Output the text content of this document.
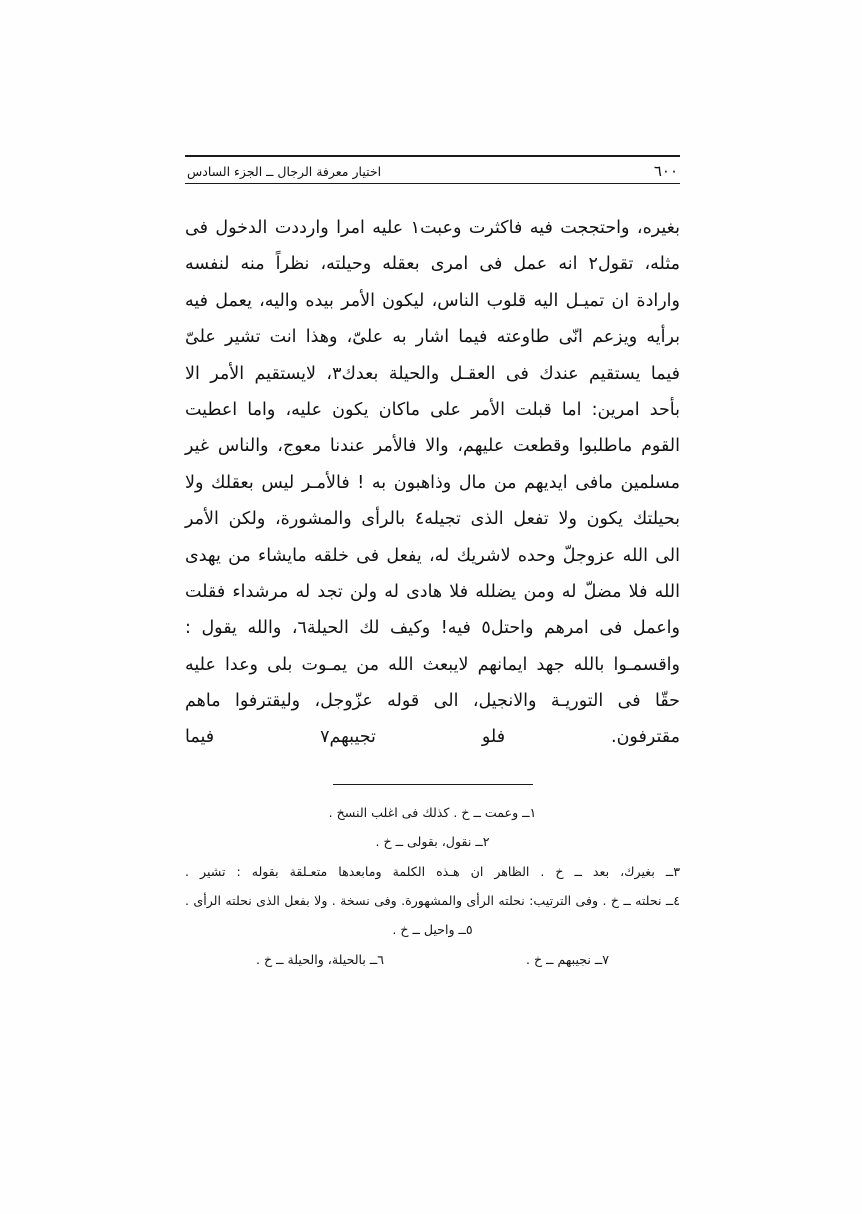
اختيار معرفة الرجال ــ الجزء السادس	٦٠٠

بغيره، واحتججت فيه فاكثرت وعبت١ عليه امرا وارددت الدخول فى مثله، تقول٢ انه عمل فى امرى بعقله وحيلته، نظراً منه لنفسه وارادة ان تميـل اليه قلوب الناس، ليكون الأمر بيده واليه، يعمل فيه برأيه ويزعم انّى طاوعته فيما اشار به علىّ، وهذا انت تشير علىّ فيما يستقيم عندك فى العقـل والحيلة بعدك٣، لايستقيم الأمر الا بأحد امرين: اما قبلت الأمر على ماكان يكون عليه، واما اعطيت القوم ماطلبوا وقطعت عليهم، والا فالأمر عندنا معوج، والناس غير مسلمين مافى ايديهم من مال وذاهبون به ! فالأمـر ليس بعقلك ولا بحيلتك يكون ولا تفعل الذى تجيله٤ بالرأى والمشورة، ولكن الأمر الى الله عزوجلّ وحده لاشريك له، يفعل فى خلقه مايشاء من يهدى الله فلا مضلّ له ومن يضلله فلا هادى له ولن تجد له مرشداء فقلت واعمل فى امرهم واحتل٥ فيه! وكيف لك الحيلة٦، والله يقول : واقسمـوا بالله جهد ايمانهم لايبعث الله من يمـوت بلى وعدا عليه حقّا فى التوريـة والانجيل، الى قوله عزّوجل، وليقترفوا ماهم مقترفون. فلو تجيبهم٧ فيما

١ــ وعمت ــ خ . كذلك فى اغلب النسخ .
٢ــ نقول، بقولى ــ خ .
٣ــ بغيرك، بعد ــ خ . الظاهر ان هـذه الكلمة ومابعدها متعـلقة بقوله : تشير .
٤ــ نحلته ــ خ . وفى الترتيب: نحلته الرأى والمشهورة. وفى نسخة . ولا بفعل الذى نحلته الرأى .
٥ــ واحيل ــ خ .
٦ــ بالحيلة، والحيلة ــ خ .	٧ــ نجيبهم ــ خ .
